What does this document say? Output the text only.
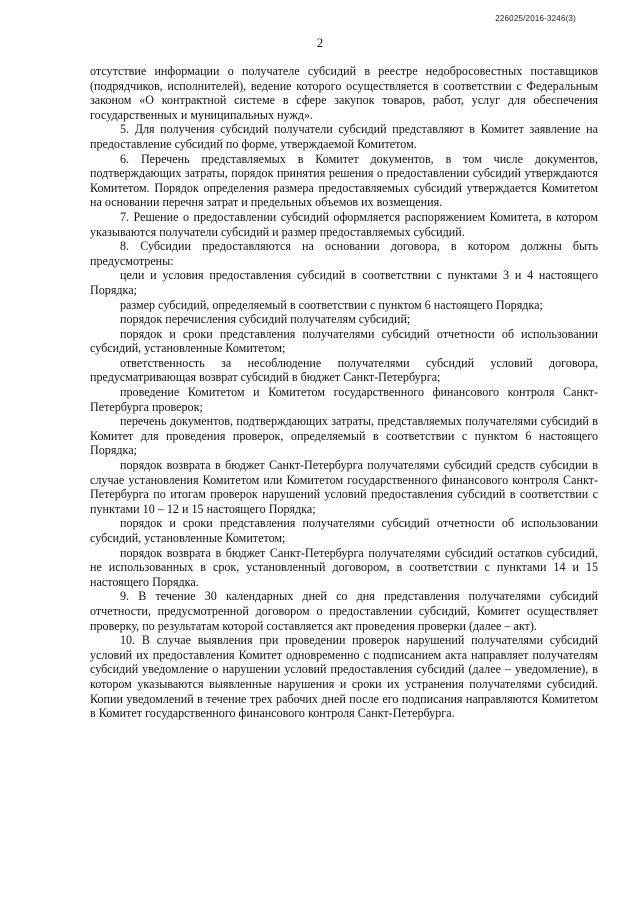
226025/2016-3246(3)
2

отсутствие информации о получателе субсидий в реестре недобросовестных поставщиков (подрядчиков, исполнителей), ведение которого осуществляется в соответствии с Федеральным законом «О контрактной системе в сфере закупок товаров, работ, услуг для обеспечения государственных и муниципальных нужд».

5. Для получения субсидий получатели субсидий представляют в Комитет заявление на предоставление субсидий по форме, утверждаемой Комитетом.

6. Перечень представляемых в Комитет документов, в том числе документов, подтверждающих затраты, порядок принятия решения о предоставлении субсидий утверждаются Комитетом. Порядок определения размера предоставляемых субсидий утверждается Комитетом на основании перечня затрат и предельных объемов их возмещения.

7. Решение о предоставлении субсидий оформляется распоряжением Комитета, в котором указываются получатели субсидий и размер предоставляемых субсидий.

8. Субсидии предоставляются на основании договора, в котором должны быть предусмотрены:

цели и условия предоставления субсидий в соответствии с пунктами 3 и 4 настоящего Порядка;

размер субсидий, определяемый в соответствии с пунктом 6 настоящего Порядка;

порядок перечисления субсидий получателям субсидий;

порядок и сроки представления получателями субсидий отчетности об использовании субсидий, установленные Комитетом;

ответственность за несоблюдение получателями субсидий условий договора, предусматривающая возврат субсидий в бюджет Санкт-Петербурга;

проведение Комитетом и Комитетом государственного финансового контроля Санкт-Петербурга проверок;

перечень документов, подтверждающих затраты, представляемых получателями субсидий в Комитет для проведения проверок, определяемый в соответствии с пунктом 6 настоящего Порядка;

порядок возврата в бюджет Санкт-Петербурга получателями субсидий средств субсидии в случае установления Комитетом или Комитетом государственного финансового контроля Санкт-Петербурга по итогам проверок нарушений условий предоставления субсидий в соответствии с пунктами 10 – 12 и 15 настоящего Порядка;

порядок и сроки представления получателями субсидий отчетности об использовании субсидий, установленные Комитетом;

порядок возврата в бюджет Санкт-Петербурга получателями субсидий остатков субсидий, не использованных в срок, установленный договором, в соответствии с пунктами 14 и 15 настоящего Порядка.

9. В течение 30 календарных дней со дня представления получателями субсидий отчетности, предусмотренной договором о предоставлении субсидий, Комитет осуществляет проверку, по результатам которой составляется акт проведения проверки (далее – акт).

10. В случае выявления при проведении проверок нарушений получателями субсидий условий их предоставления Комитет одновременно с подписанием акта направляет получателям субсидий уведомление о нарушении условий предоставления субсидий (далее – уведомление), в котором указываются выявленные нарушения и сроки их устранения получателями субсидий. Копии уведомлений в течение трех рабочих дней после его подписания направляются Комитетом в Комитет государственного финансового контроля Санкт-Петербурга.
